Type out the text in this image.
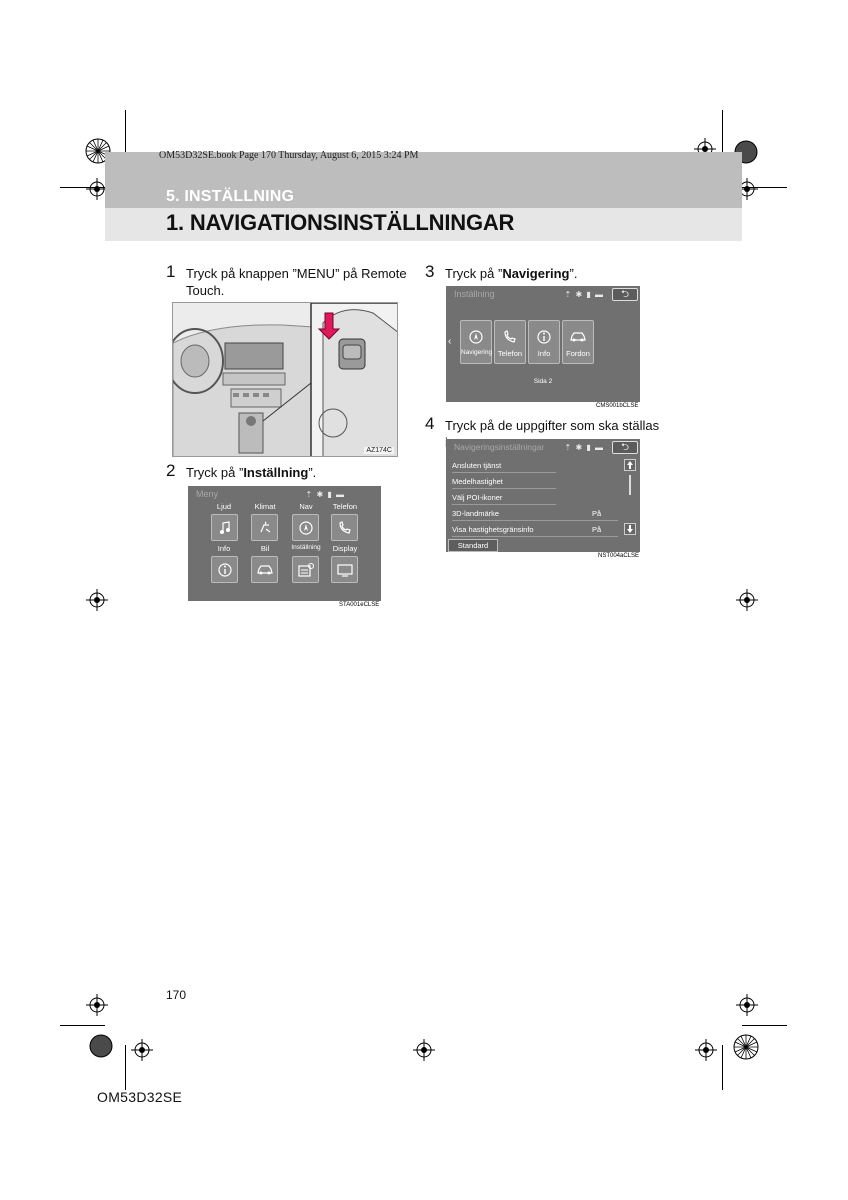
OM53D32SE.book Page 170 Thursday, August 6, 2015 3:24 PM
5. INSTÄLLNING
1. NAVIGATIONSINSTÄLLNINGAR
1 Tryck på knappen ”MENU” på Remote Touch.
AZ174C
2 Tryck på ”Inställning”.
Meny	⇡ ✱ ▮ ▬
Ljud	Klimat	Nav	Telefon
Info	Bil	Inställning	Display
STA001eCLSE
3 Tryck på ”Navigering”.
Inställning	⇡ ✱ ▮ ▬	⮌
‹
Navigering Telefon	Info	Fordon
Sida 2
CMS001bCLSE
4 Tryck på de uppgifter som ska ställas
Navigeringsinställningar	⇡ ✱ ▮ ▬	⮌
Ansluten tjänst
Medelhastighet
Välj POI-ikoner
3D-landmärke	På
Visa hastighetsgränsinfo	På
Standard
NST004aCLSE
170
OM53D32SE
